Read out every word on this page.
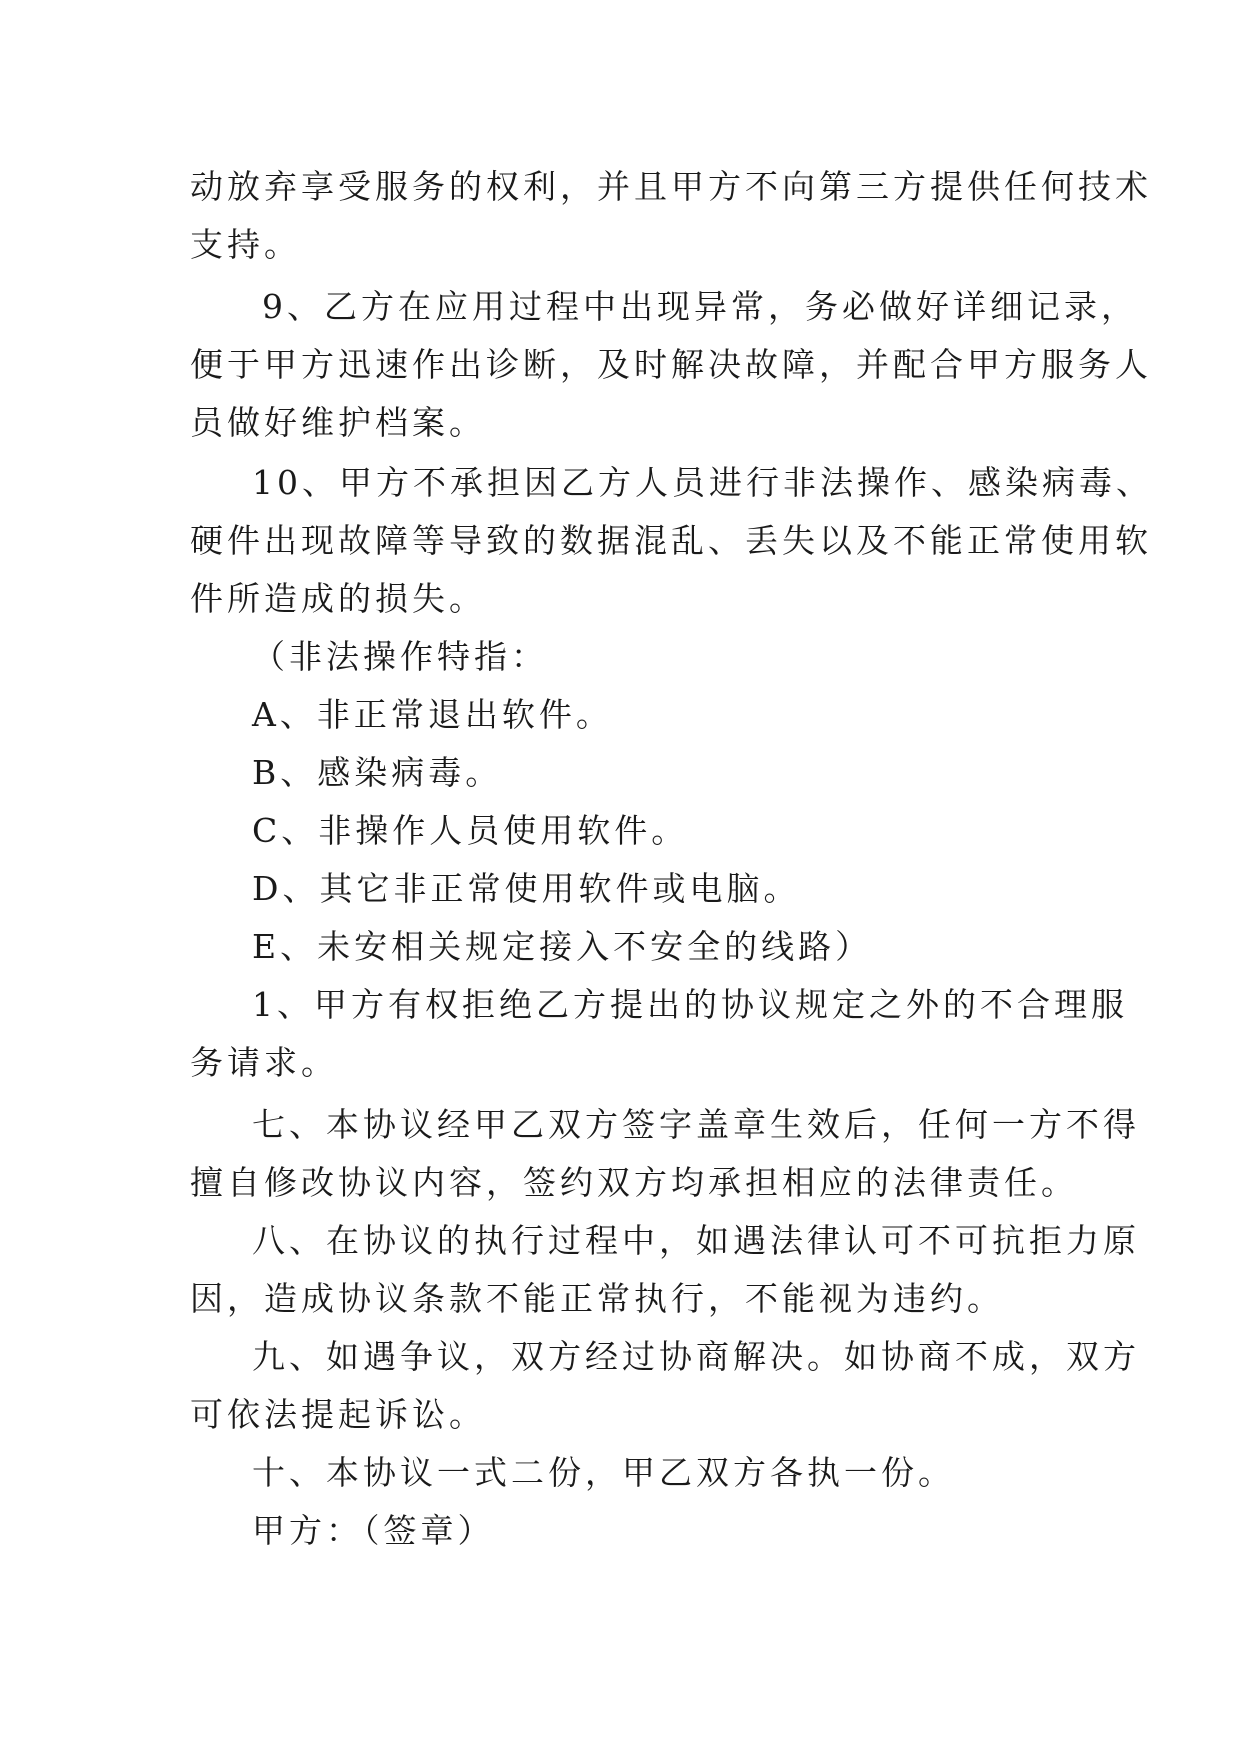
动放弃享受服务的权利，并且甲方不向第三方提供任何技术
支持。
9、乙方在应用过程中出现异常，务必做好详细记录，
便于甲方迅速作出诊断，及时解决故障，并配合甲方服务人
员做好维护档案。
10、甲方不承担因乙方人员进行非法操作、感染病毒、
硬件出现故障等导致的数据混乱、丢失以及不能正常使用软
件所造成的损失。
（非法操作特指：
A、非正常退出软件。
B、感染病毒。
C、非操作人员使用软件。
D、其它非正常使用软件或电脑。
E、未安相关规定接入不安全的线路）
1、甲方有权拒绝乙方提出的协议规定之外的不合理服
务请求。
七、本协议经甲乙双方签字盖章生效后，任何一方不得
擅自修改协议内容，签约双方均承担相应的法律责任。
八、在协议的执行过程中，如遇法律认可不可抗拒力原
因，造成协议条款不能正常执行，不能视为违约。
九、如遇争议，双方经过协商解决。如协商不成，双方
可依法提起诉讼。
十、本协议一式二份，甲乙双方各执一份。
甲方：（签章）
